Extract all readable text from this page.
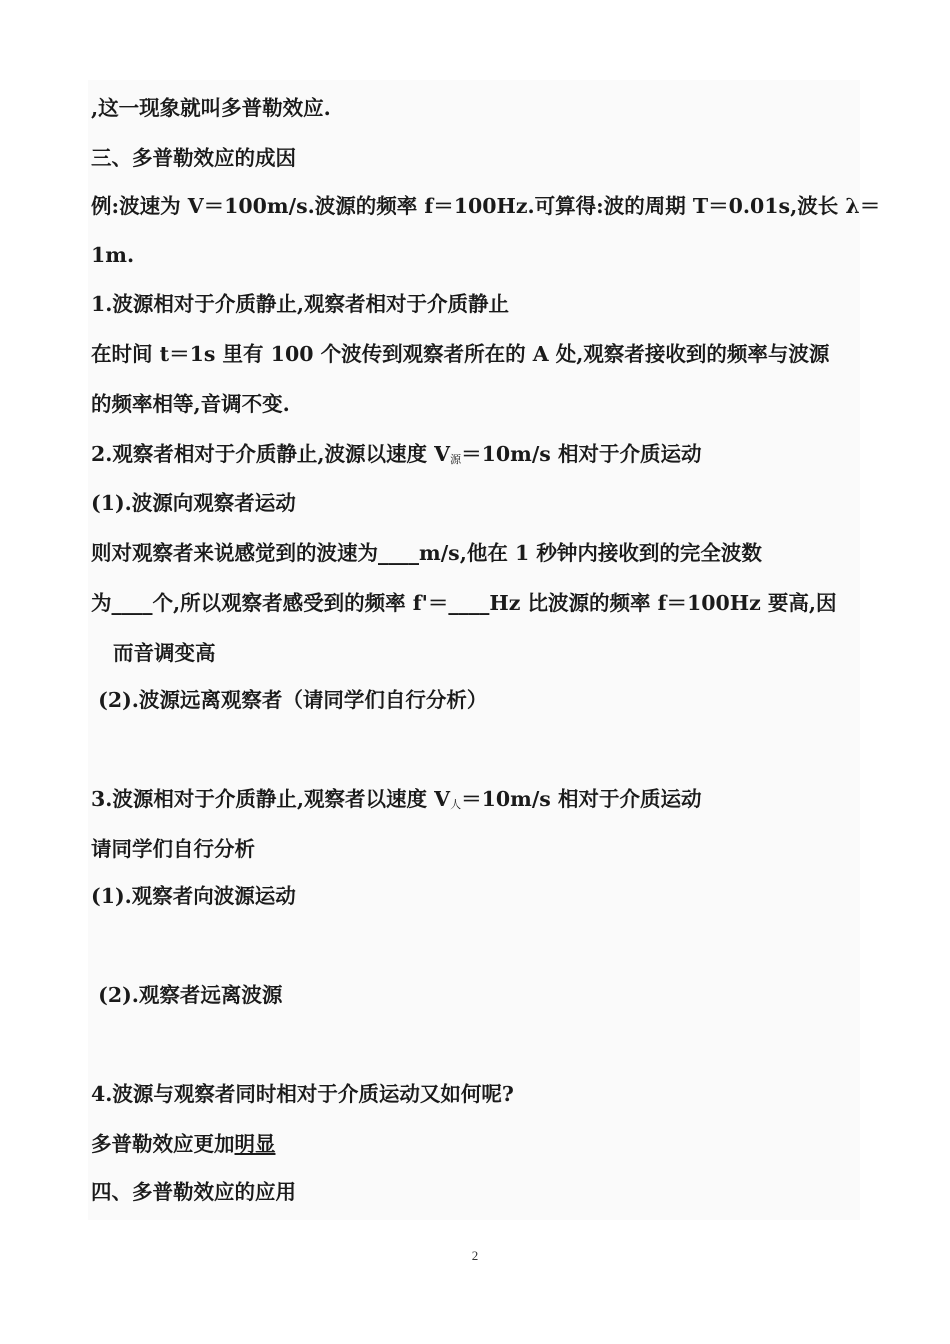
,这一现象就叫多普勒效应.
三、多普勒效应的成因
例:波速为 V＝100m/s.波源的频率 f＝100Hz.可算得:波的周期 T＝0.01s,波长 λ＝
1m.
1.波源相对于介质静止,观察者相对于介质静止
在时间 t＝1s 里有 100 个波传到观察者所在的 A 处,观察者接收到的频率与波源
的频率相等,音调不变.
2.观察者相对于介质静止,波源以速度 V源＝10m/s 相对于介质运动
(1).波源向观察者运动
则对观察者来说感觉到的波速为____m/s,他在 1 秒钟内接收到的完全波数
为____个,所以观察者感受到的频率 f'＝____Hz 比波源的频率 f＝100Hz 要高,因
而音调变高
(2).波源远离观察者（请同学们自行分析）
3.波源相对于介质静止,观察者以速度 V人＝10m/s 相对于介质运动
请同学们自行分析
(1).观察者向波源运动
(2).观察者远离波源
4.波源与观察者同时相对于介质运动又如何呢?
多普勒效应更加明显
四、多普勒效应的应用
2
